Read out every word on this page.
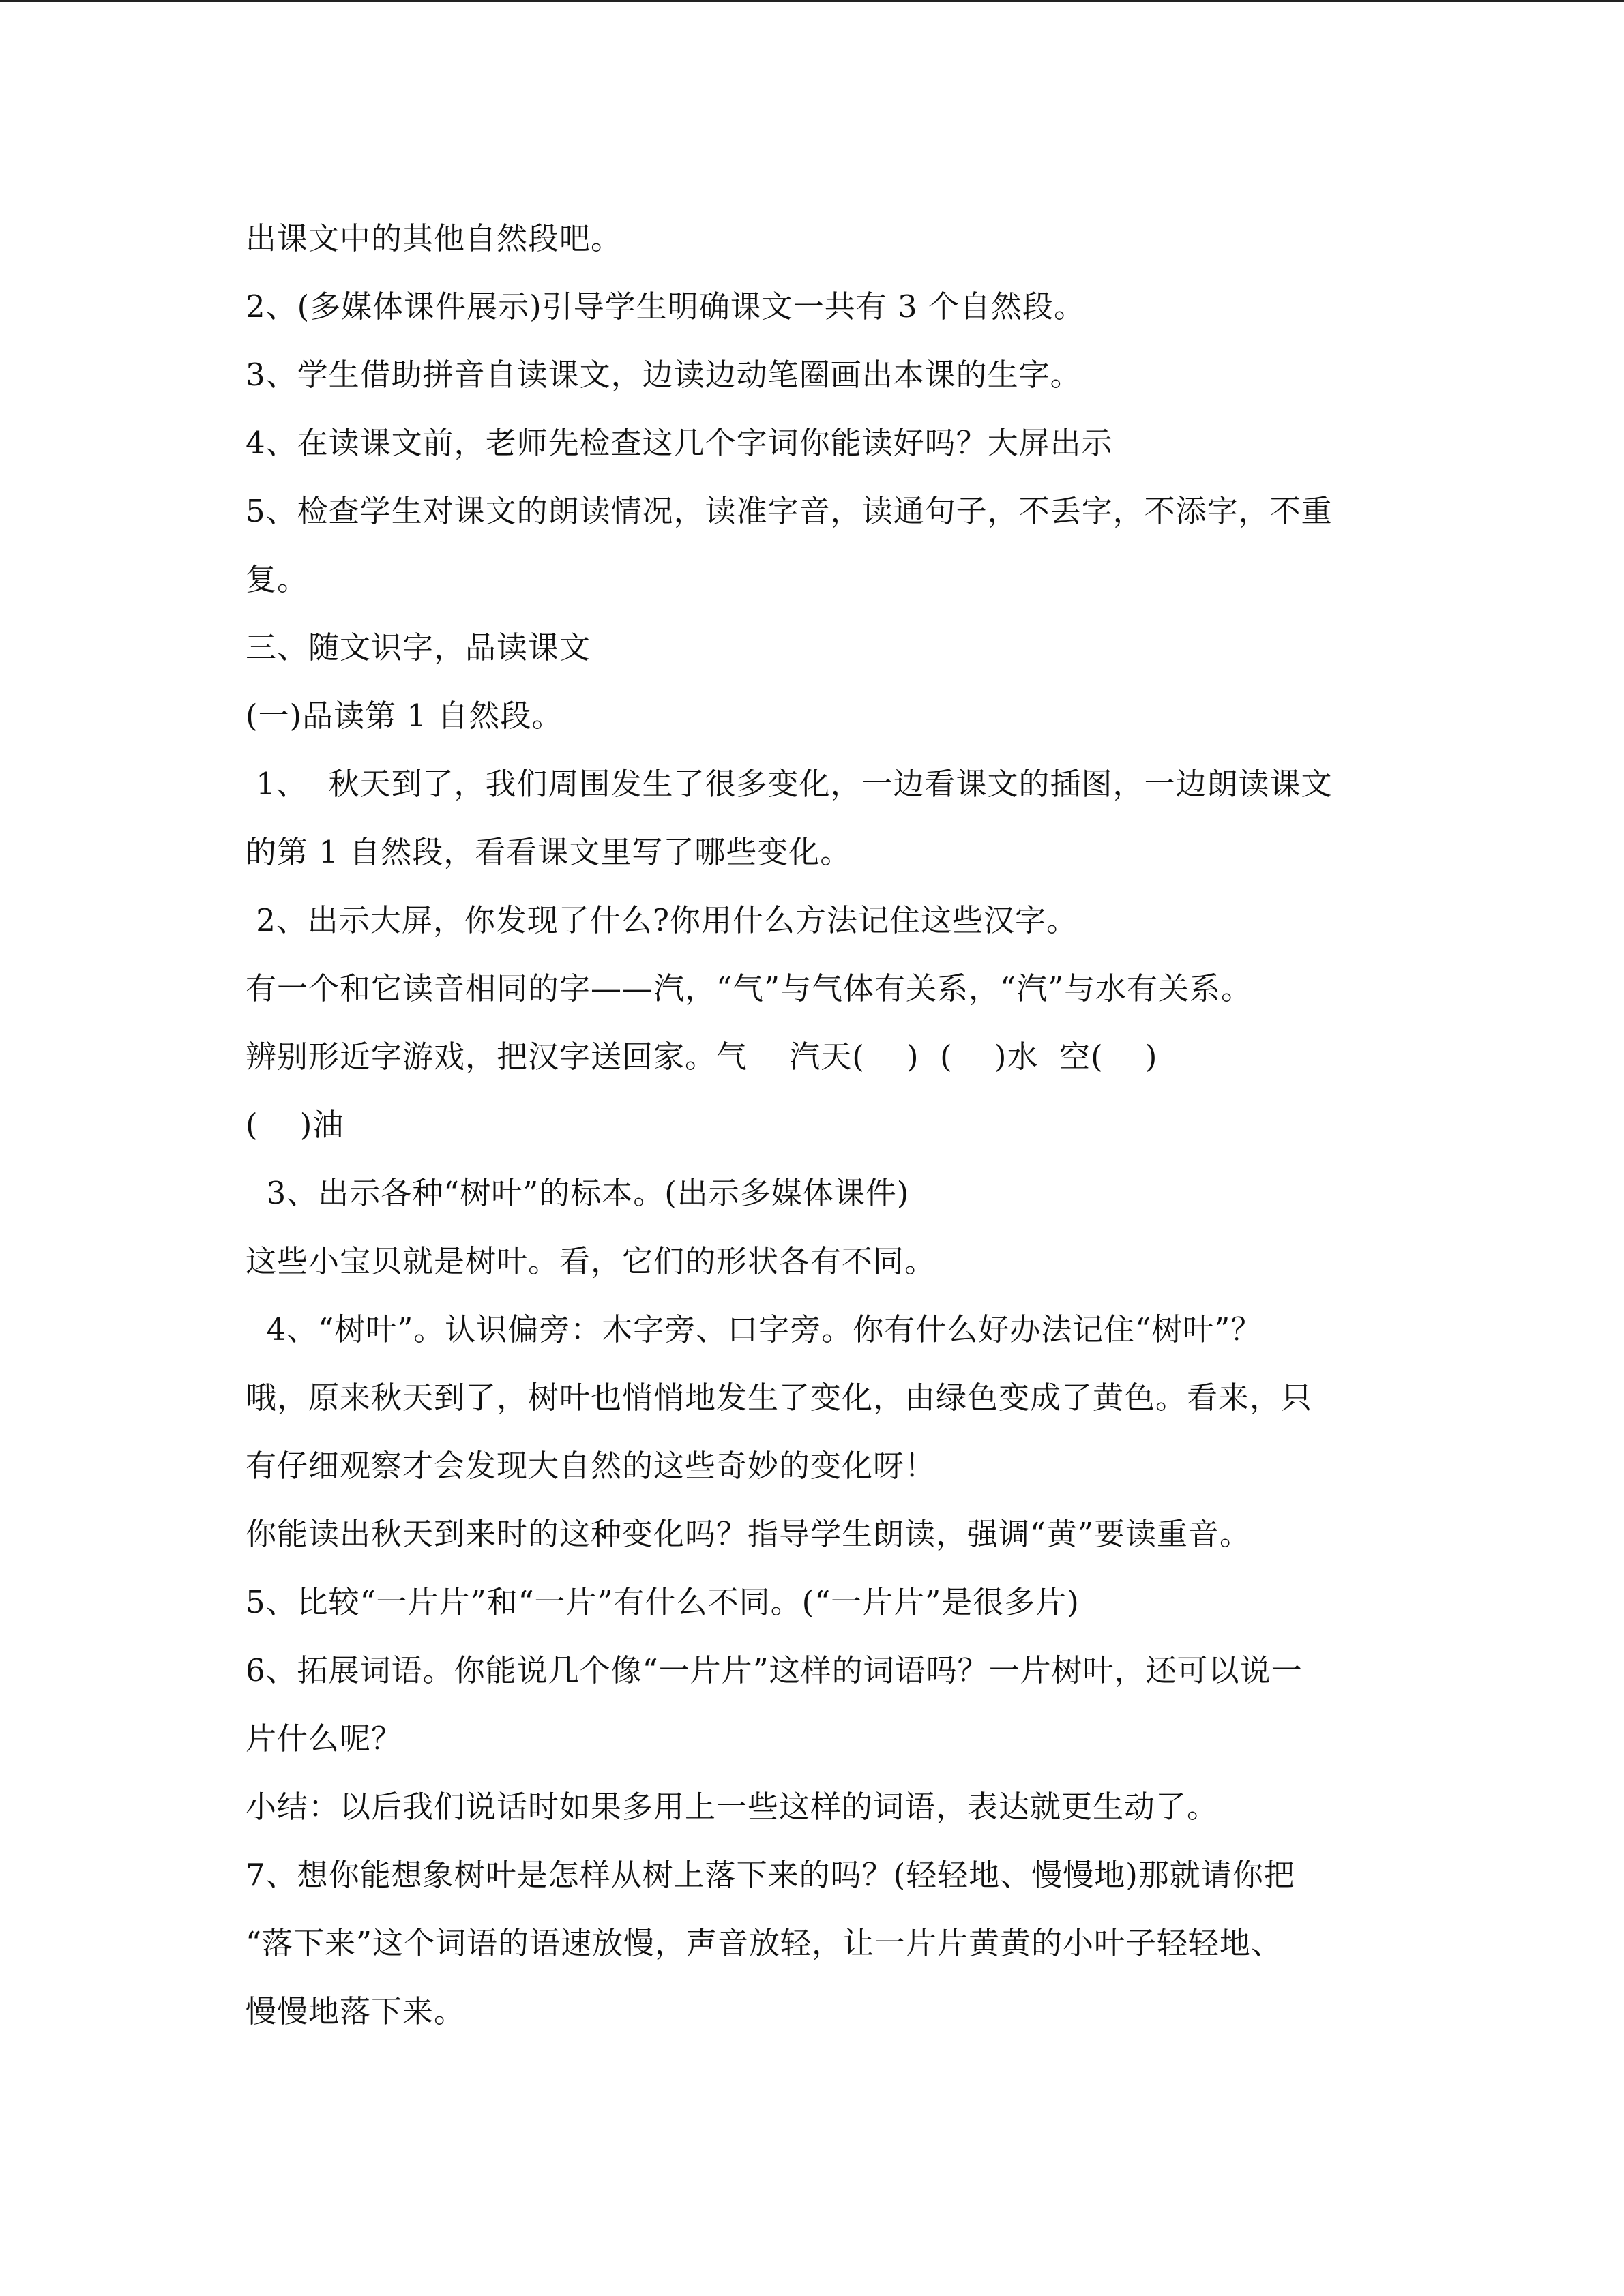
出课文中的其他自然段吧。
2、(多媒体课件展示)引导学生明确课文一共有 3 个自然段。
3、学生借助拼音自读课文，边读边动笔圈画出本课的生字。
4、在读课文前，老师先检查这几个字词你能读好吗？大屏出示
5、检查学生对课文的朗读情况，读准字音，读通句子，不丢字，不添字，不重
复。
三、随文识字，品读课文
(一)品读第 1 自然段。
1、  秋天到了，我们周围发生了很多变化，一边看课文的插图，一边朗读课文
的第 1 自然段，看看课文里写了哪些变化。
2、出示大屏，你发现了什么?你用什么方法记住这些汉字。
有一个和它读音相同的字——汽，“气”与气体有关系，“汽”与水有关系。
辨别形近字游戏，把汉字送回家。气    汽天(    )  (    )水  空(    )
(    )油
3、出示各种“树叶”的标本。(出示多媒体课件)
这些小宝贝就是树叶。看，它们的形状各有不同。
4、“树叶”。认识偏旁：木字旁、口字旁。你有什么好办法记住“树叶”？
哦，原来秋天到了，树叶也悄悄地发生了变化，由绿色变成了黄色。看来，只
有仔细观察才会发现大自然的这些奇妙的变化呀！
你能读出秋天到来时的这种变化吗？指导学生朗读，强调“黄”要读重音。
5、比较“一片片”和“一片”有什么不同。(“一片片”是很多片)
6、拓展词语。你能说几个像“一片片”这样的词语吗？一片树叶，还可以说一
片什么呢？
小结：以后我们说话时如果多用上一些这样的词语，表达就更生动了。
7、想你能想象树叶是怎样从树上落下来的吗？(轻轻地、慢慢地)那就请你把
“落下来”这个词语的语速放慢，声音放轻，让一片片黄黄的小叶子轻轻地、
慢慢地落下来。
